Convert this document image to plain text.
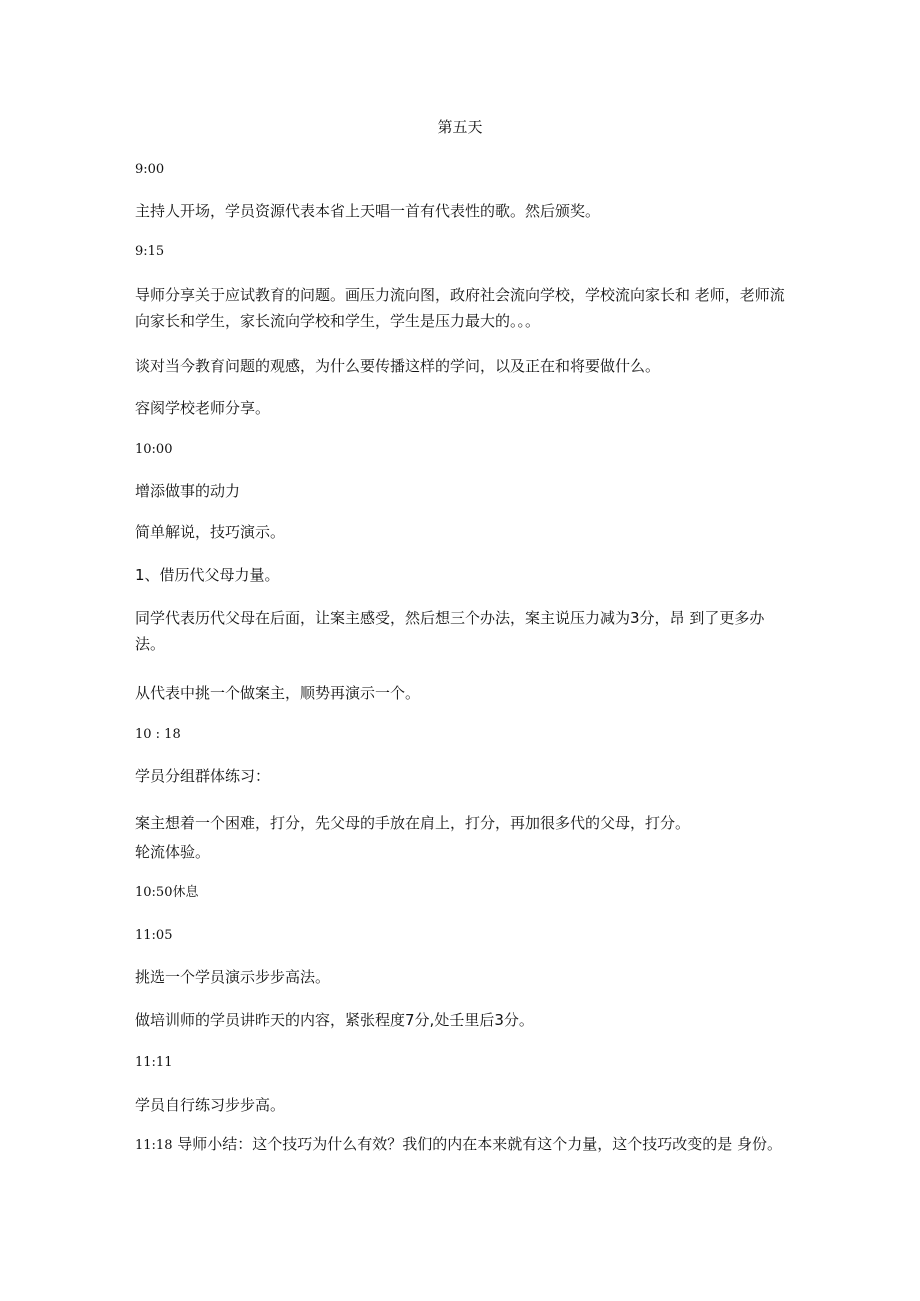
第五天
9:00
主持人开场，学员资源代表本省上天唱一首有代表性的歌。然后颁奖。
9:15
导师分享关于应试教育的问题。画压力流向图，政府社会流向学校，学校流向家长和 老师，老师流向家长和学生，家长流向学校和学生，学生是压力最大的。。。
谈对当今教育问题的观感，为什么要传播这样的学问，以及正在和将要做什么。
容阂学校老师分享。
10:00
增添做事的动力
简单解说，技巧演示。
1、借历代父母力量。
同学代表历代父母在后面，让案主感受，然后想三个办法，案主说压力减为3分，昂 到了更多办法。
从代表中挑一个做案主，顺势再演示一个。
10 : 18
学员分组群体练习：
案主想着一个困难，打分，先父母的手放在肩上，打分，再加很多代的父母，打分。
轮流体验。
10:50休息
11:05
挑选一个学员演示步步高法。
做培训师的学员讲昨天的内容，紧张程度7分,处壬里后3分。
11:11
学员自行练习步步高。
11:18 导师小结：这个技巧为什么有效？我们的内在本来就有这个力量，这个技巧改变的是 身份。
